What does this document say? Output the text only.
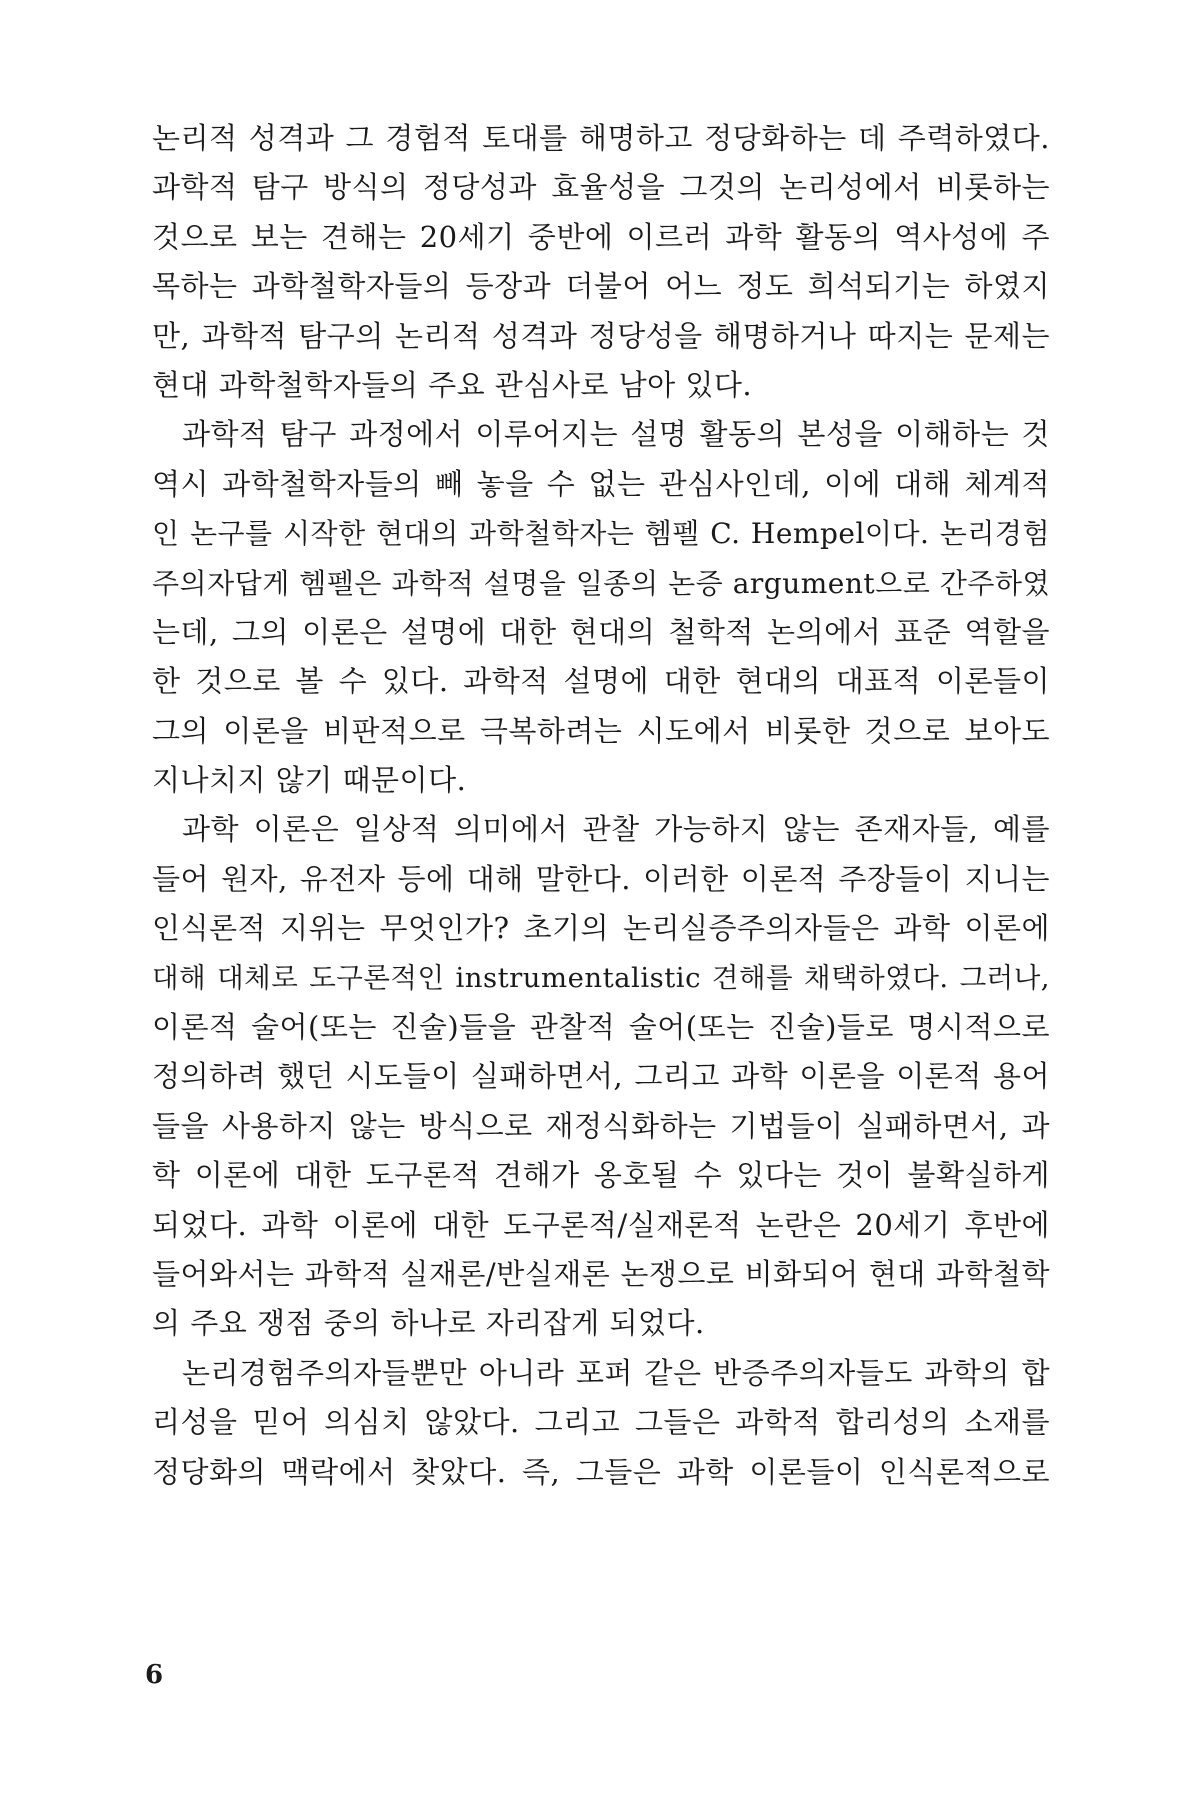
논리적 성격과 그 경험적 토대를 해명하고 정당화하는 데 주력하였다.
과학적 탐구 방식의 정당성과 효율성을 그것의 논리성에서 비롯하는
것으로 보는 견해는 20세기 중반에 이르러 과학 활동의 역사성에 주
목하는 과학철학자들의 등장과 더불어 어느 정도 희석되기는 하였지
만, 과학적 탐구의 논리적 성격과 정당성을 해명하거나 따지는 문제는
현대 과학철학자들의 주요 관심사로 남아 있다.
과학적 탐구 과정에서 이루어지는 설명 활동의 본성을 이해하는 것
역시 과학철학자들의 빼 놓을 수 없는 관심사인데, 이에 대해 체계적
인 논구를 시작한 현대의 과학철학자는 헴펠 C. Hempel이다. 논리경험
주의자답게 헴펠은 과학적 설명을 일종의 논증 argument으로 간주하였
는데, 그의 이론은 설명에 대한 현대의 철학적 논의에서 표준 역할을
한 것으로 볼 수 있다. 과학적 설명에 대한 현대의 대표적 이론들이
그의 이론을 비판적으로 극복하려는 시도에서 비롯한 것으로 보아도
지나치지 않기 때문이다.
과학 이론은 일상적 의미에서 관찰 가능하지 않는 존재자들, 예를
들어 원자, 유전자 등에 대해 말한다. 이러한 이론적 주장들이 지니는
인식론적 지위는 무엇인가? 초기의 논리실증주의자들은 과학 이론에
대해 대체로 도구론적인 instrumentalistic 견해를 채택하였다. 그러나,
이론적 술어(또는 진술)들을 관찰적 술어(또는 진술)들로 명시적으로
정의하려 했던 시도들이 실패하면서, 그리고 과학 이론을 이론적 용어
들을 사용하지 않는 방식으로 재정식화하는 기법들이 실패하면서, 과
학 이론에 대한 도구론적 견해가 옹호될 수 있다는 것이 불확실하게
되었다. 과학 이론에 대한 도구론적/실재론적 논란은 20세기 후반에
들어와서는 과학적 실재론/반실재론 논쟁으로 비화되어 현대 과학철학
의 주요 쟁점 중의 하나로 자리잡게 되었다.
논리경험주의자들뿐만 아니라 포퍼 같은 반증주의자들도 과학의 합
리성을 믿어 의심치 않았다. 그리고 그들은 과학적 합리성의 소재를
정당화의 맥락에서 찾았다. 즉, 그들은 과학 이론들이 인식론적으로
6
